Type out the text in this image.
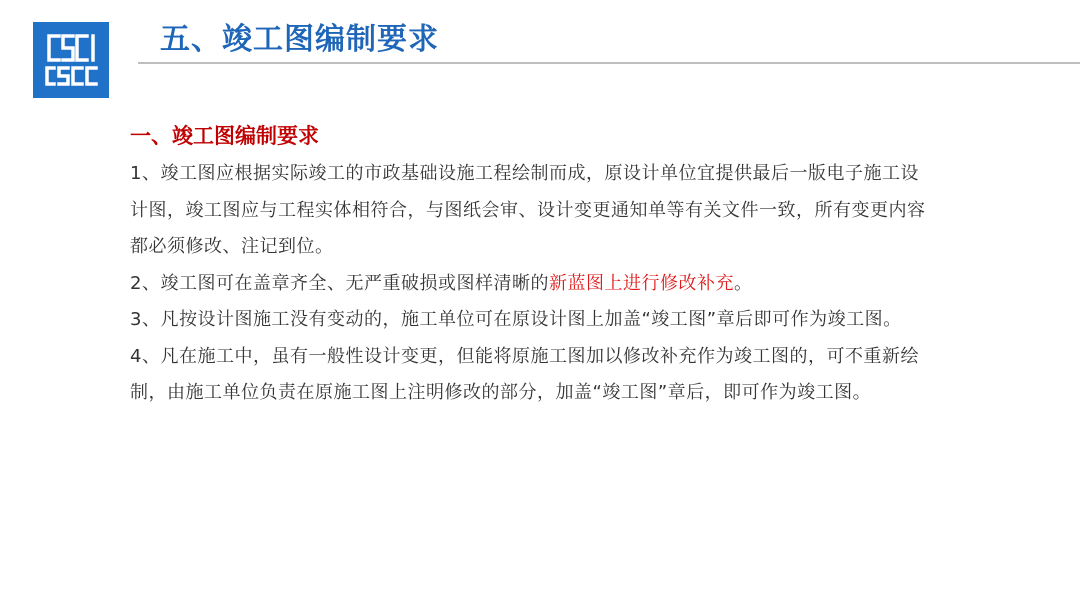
CSCEC
五、竣工图编制要求
一、竣工图编制要求
1、竣工图应根据实际竣工的市政基础设施工程绘制而成，原设计单位宜提供最后一版电子施工设计图，竣工图应与工程实体相符合，与图纸会审、设计变更通知单等有关文件一致，所有变更内容都必须修改、注记到位。
2、竣工图可在盖章齐全、无严重破损或图样清晰的新蓝图上进行修改补充。
3、凡按设计图施工没有变动的，施工单位可在原设计图上加盖“竣工图”章后即可作为竣工图。
4、凡在施工中，虽有一般性设计变更，但能将原施工图加以修改补充作为竣工图的，可不重新绘制，由施工单位负责在原施工图上注明修改的部分，加盖“竣工图”章后，即可作为竣工图。
